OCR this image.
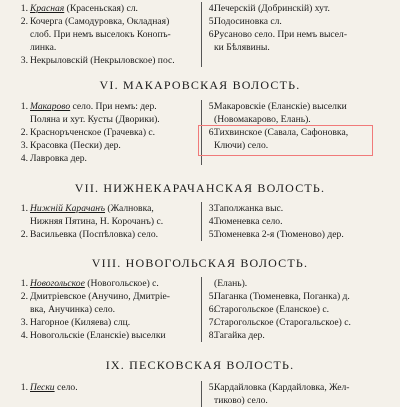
1. Красная (Красеньская) сл.
2. Кочерга (Самодуровка, Окладная)
слоб. При немъ выселокъ Конопъ-
линка.
3. Некрыловскій (Некрыловское) пос.
4.
Печерскій (Добринскій) хут.
5.
Подосиновка сл.
6.
Русаново село. При немъ высел-
ки Бѣлявины.
VI. МАКАРОВСКАЯ ВОЛОСТЬ.
1. Макарово село. При немъ: дер.
Поляна и хут. Кусты (Дворики).
2. Красноръченское (Грачевка) с.
3. Красовка (Пески) дер.
4. Лавровка дер.
5.
Макаровскіе (Еланскіе) выселки
(Новомакарово, Елань).
6.
Тихвинское (Савала, Сафоновка,
Ключи) село.
VII. НИЖНЕКАРАЧАНСКАЯ ВОЛОСТЬ.
1. Нижній Карачанъ (Жалновка,
Нижняя Пятина, Н. Корочанъ) с.
2. Васильевка (Поспѣловка) село.
3.
Таполжанка выс.
4.
Тюменевка село.
5.
Тюменевка 2-я (Тюменово) дер.
VIII. НОВОГОЛЬСКАЯ ВОЛОСТЬ.
1. Новогольское (Новогольское) с.
2. Дмитріевское (Анучино, Дмитріе-
вка, Анучинка) село.
3. Нагорное (Киляева) слц.
4. Новогольскіе (Еланскіе) выселки
(Елань).
5.
Паганка (Тюменевка, Поганка) д.
6.
Старогольское (Еланское) с.
7.
Старогольское (Старогальское) с.
8.
Тагайка дер.
IX. ПЕСКОВСКАЯ ВОЛОСТЬ.
1. Пески село.	5.
Кардайловка (Кардайловка, Жел-
тиково) село.
